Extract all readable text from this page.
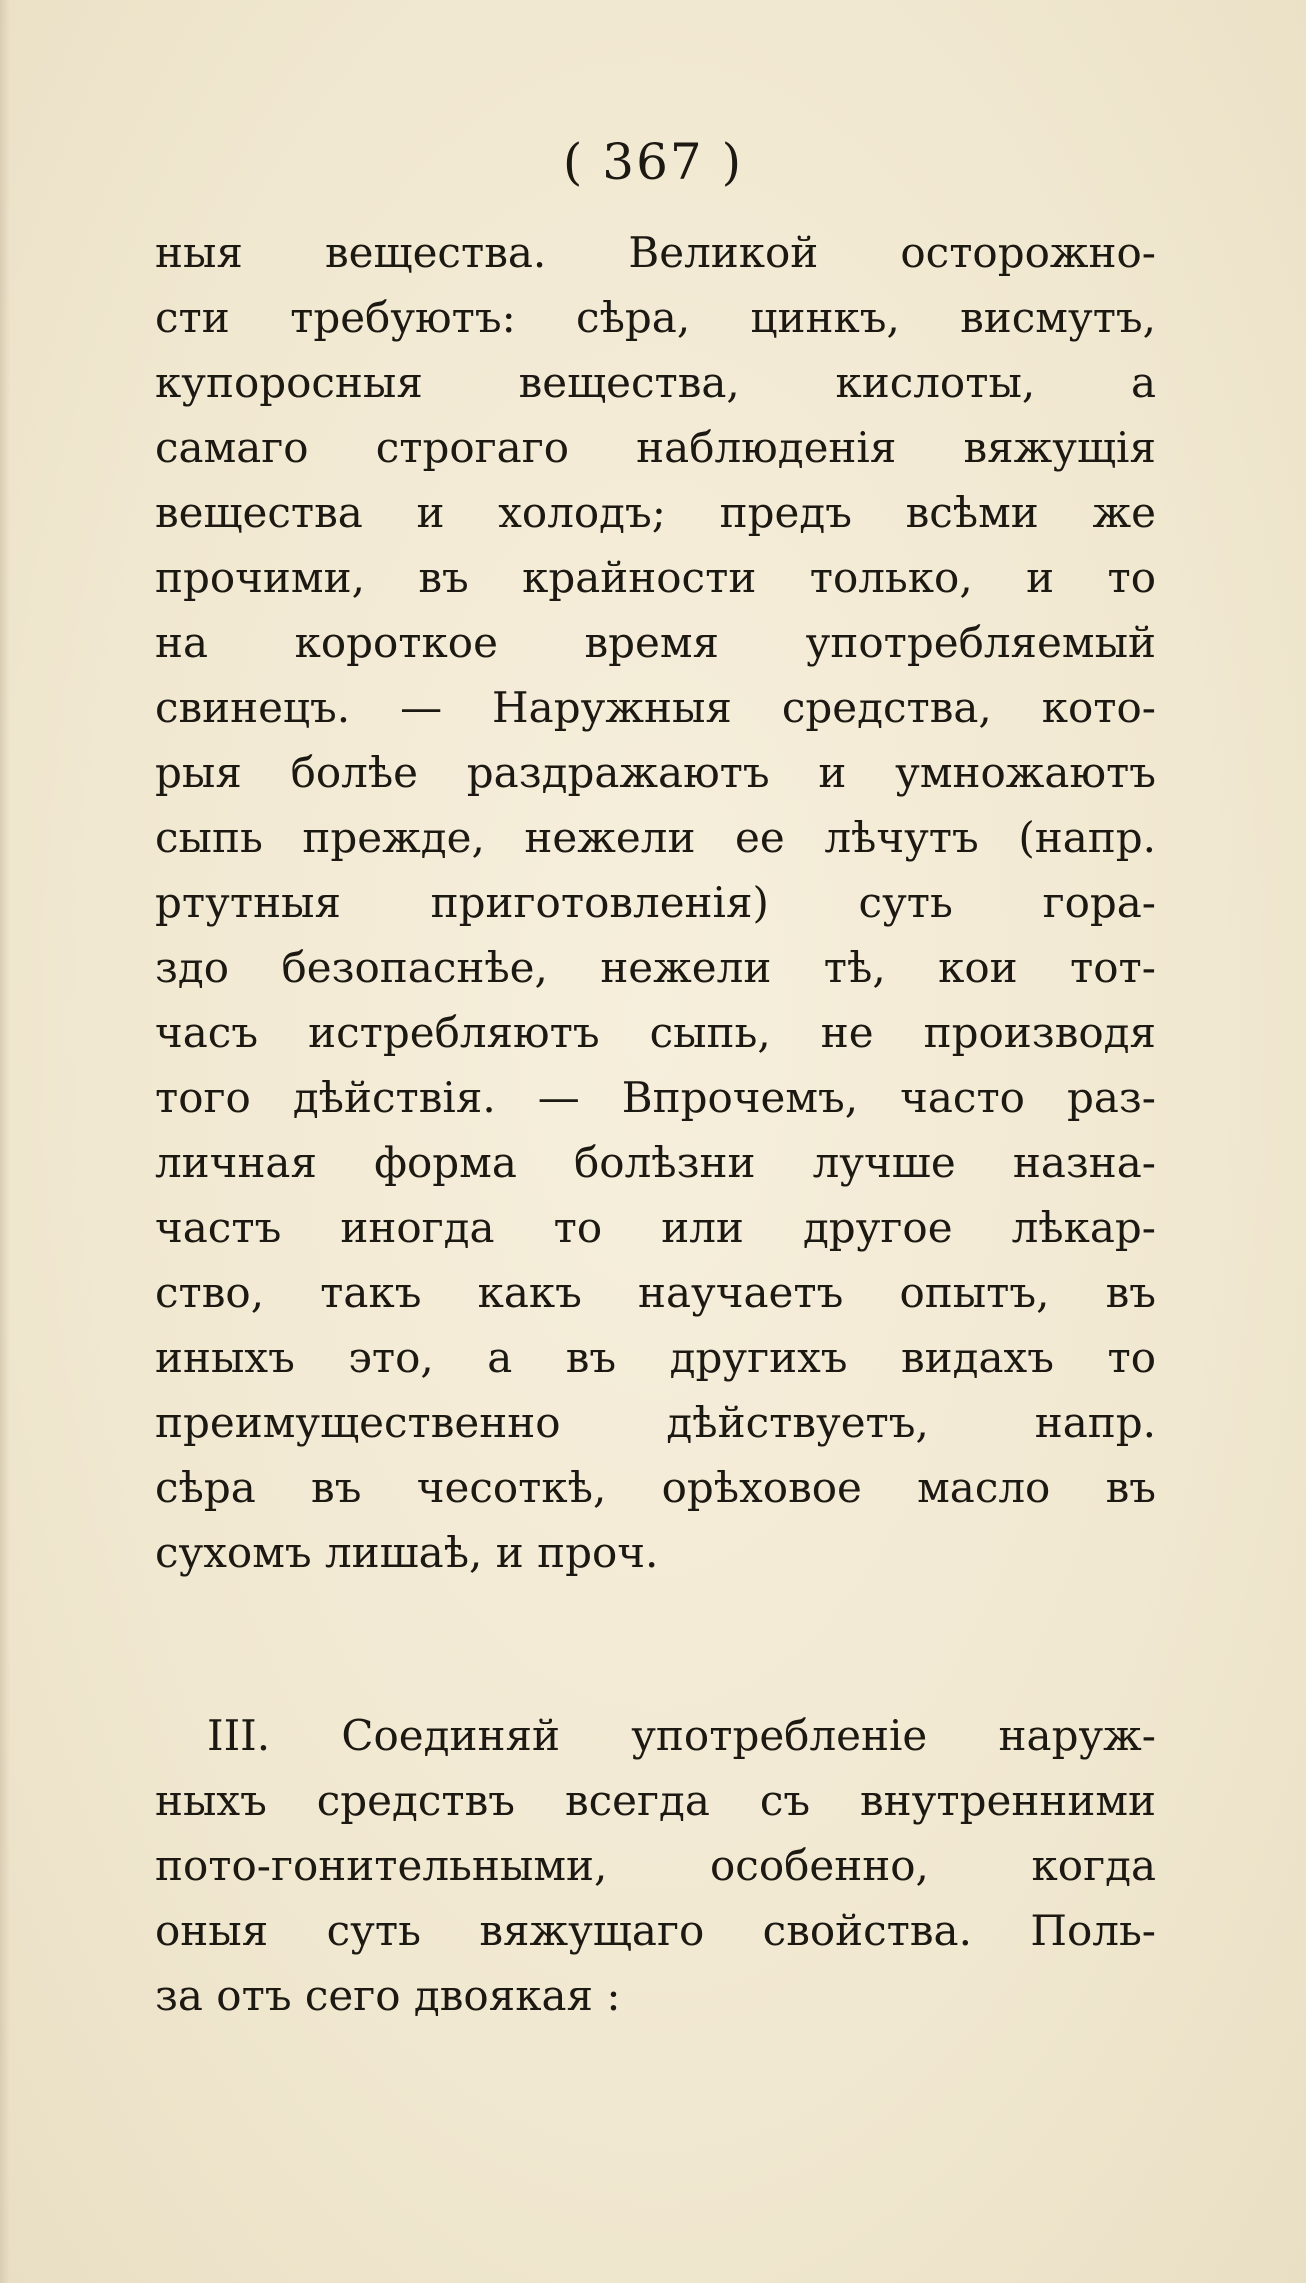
( 367 )
ныя вещества. Великой осторожно-
сти требуютъ: сѣра, цинкъ, висмутъ,
купоросныя вещества, кислоты, а
самаго строгаго наблюденія вяжущія
вещества и холодъ; предъ всѣми же
прочими, въ крайности только, и то
на короткое время употребляемый
свинецъ. — Наружныя средства, кото-
рыя болѣе раздражаютъ и умножаютъ
сыпь прежде, нежели ее лѣчутъ (напр.
ртутныя приготовленія) суть гора-
здо безопаснѣе, нежели тѣ, кои тот-
часъ истребляютъ сыпь, не производя
того дѣйствія. — Впрочемъ, часто раз-
личная форма болѣзни лучше назна-
частъ иногда то или другое лѣкар-
ство, такъ какъ научаетъ опытъ, въ
иныхъ это, а въ другихъ видахъ то
преимущественно дѣйствуетъ, напр.
сѣра въ чесоткѣ, орѣховое масло въ
сухомъ лишаѣ, и проч.
III. Соединяй употребленіе наруж-
ныхъ средствъ всегда съ внутренними
пото-гонительными, особенно, когда
оныя суть вяжущаго свойства. Поль-
за отъ сего двоякая :
